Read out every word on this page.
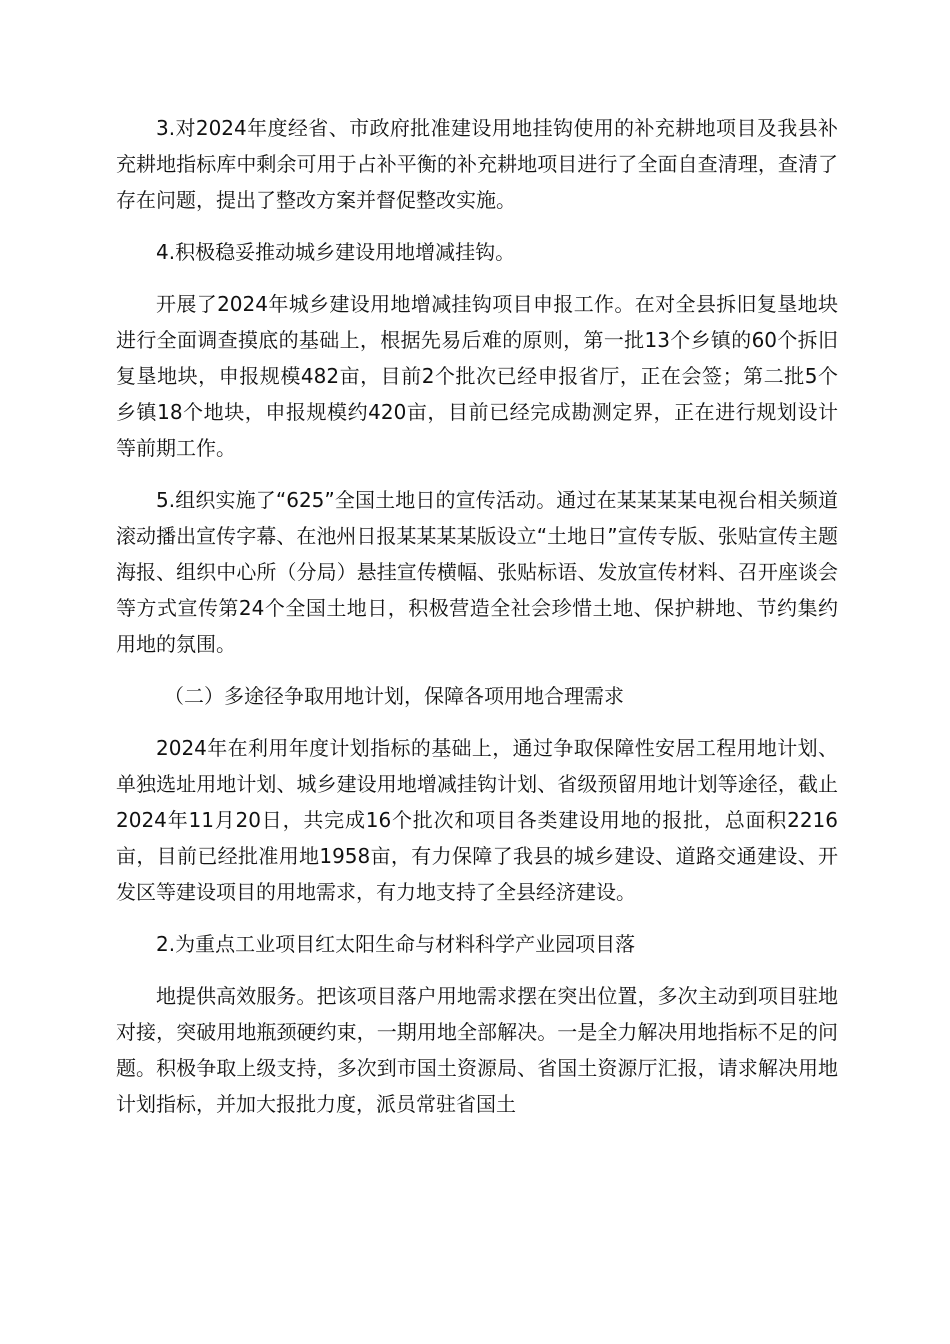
3.对2024年度经省、市政府批准建设用地挂钩使用的补充耕地项目及我县补充耕地指标库中剩余可用于占补平衡的补充耕地项目进行了全面自查清理，查清了存在问题，提出了整改方案并督促整改实施。

4.积极稳妥推动城乡建设用地增减挂钩。

开展了2024年城乡建设用地增减挂钩项目申报工作。在对全县拆旧复垦地块进行全面调查摸底的基础上，根据先易后难的原则，第一批13个乡镇的60个拆旧复垦地块，申报规模482亩，目前2个批次已经申报省厅，正在会签；第二批5个乡镇18个地块，申报规模约420亩，目前已经完成勘测定界，正在进行规划设计等前期工作。

5.组织实施了“625”全国土地日的宣传活动。通过在某某某某电视台相关频道滚动播出宣传字幕、在池州日报某某某某版设立“土地日”宣传专版、张贴宣传主题海报、组织中心所（分局）悬挂宣传横幅、张贴标语、发放宣传材料、召开座谈会等方式宣传第24个全国土地日，积极营造全社会珍惜土地、保护耕地、节约集约用地的氛围。

（二）多途径争取用地计划，保障各项用地合理需求

2024年在利用年度计划指标的基础上，通过争取保障性安居工程用地计划、单独选址用地计划、城乡建设用地增减挂钩计划、省级预留用地计划等途径，截止2024年11月20日，共完成16个批次和项目各类建设用地的报批，总面积2216亩，目前已经批准用地1958亩，有力保障了我县的城乡建设、道路交通建设、开发区等建设项目的用地需求，有力地支持了全县经济建设。

2.为重点工业项目红太阳生命与材料科学产业园项目落

地提供高效服务。把该项目落户用地需求摆在突出位置，多次主动到项目驻地对接，突破用地瓶颈硬约束，一期用地全部解决。一是全力解决用地指标不足的问题。积极争取上级支持，多次到市国土资源局、省国土资源厅汇报，请求解决用地计划指标，并加大报批力度，派员常驻省国土
